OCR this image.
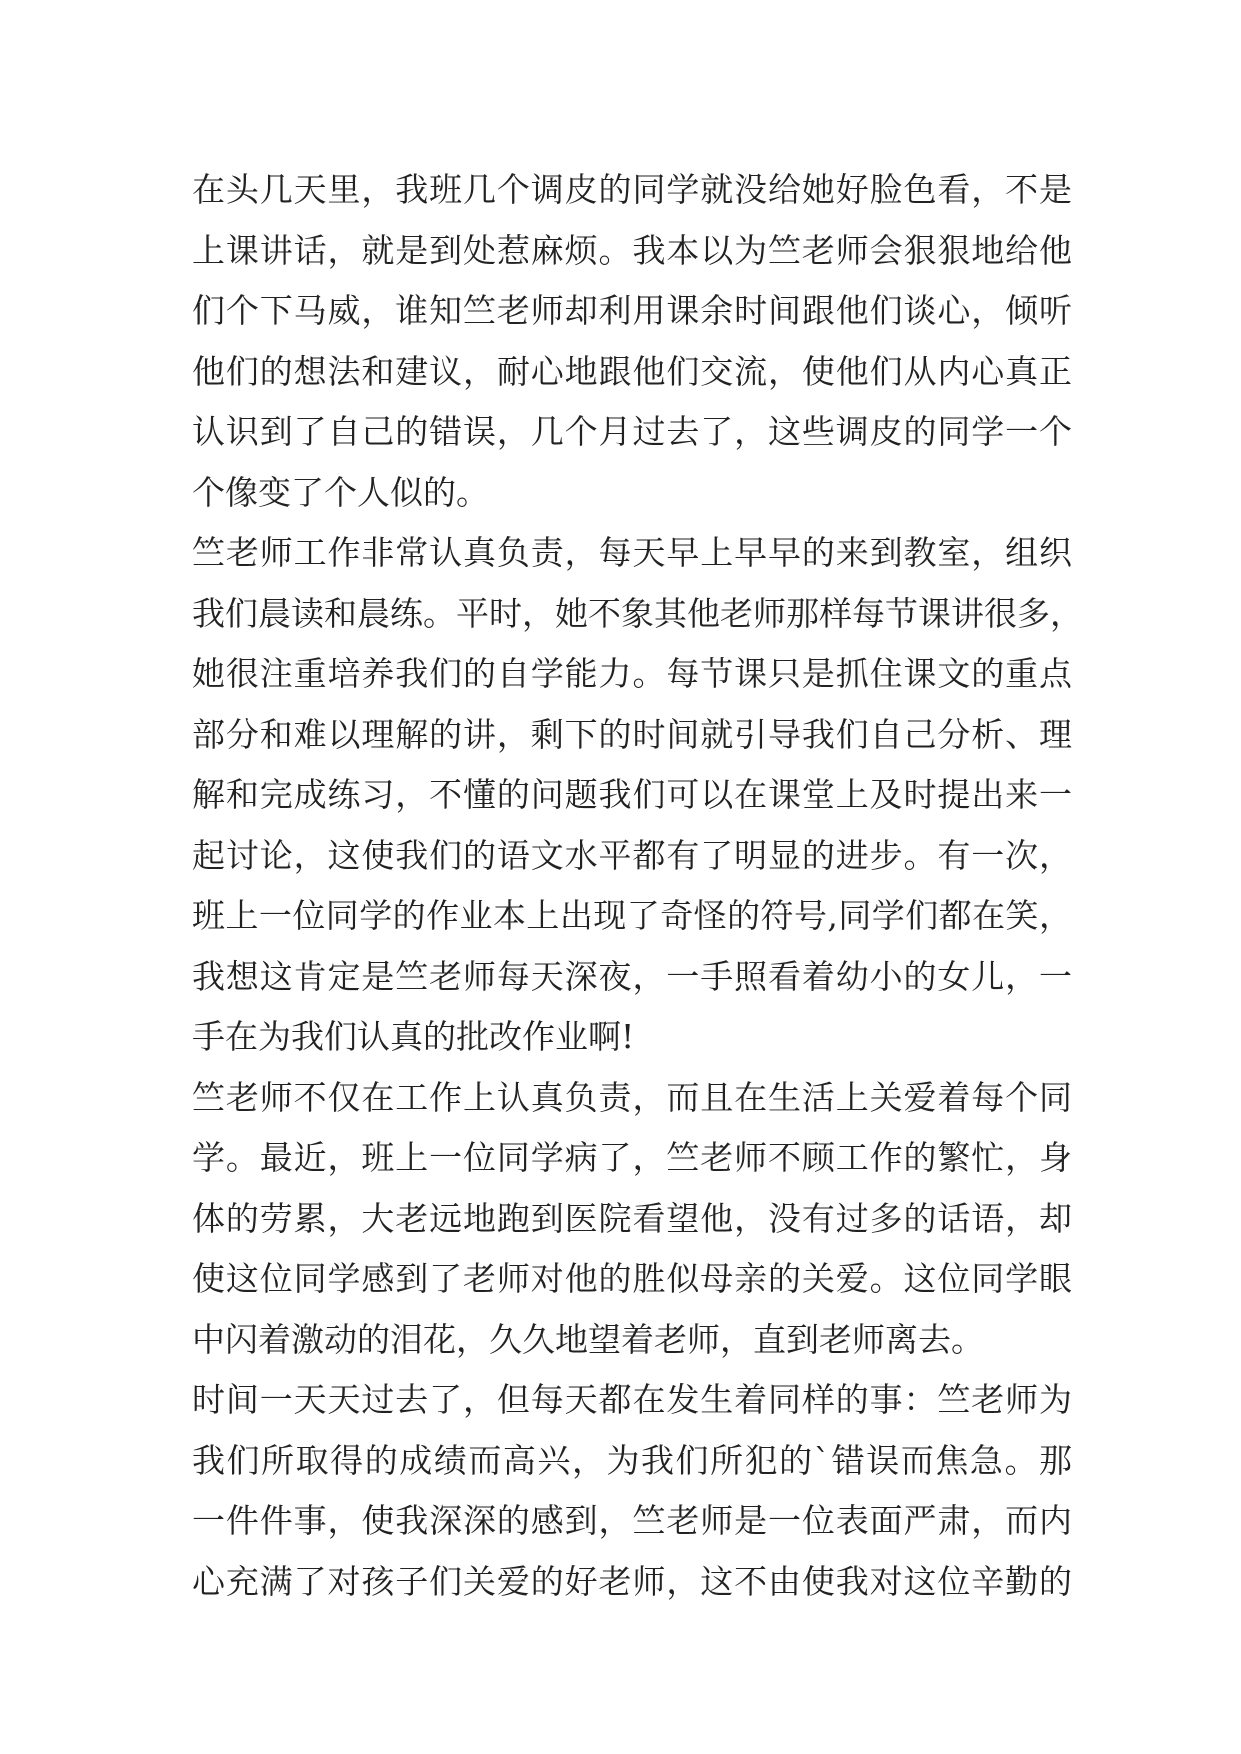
在头几天里，我班几个调皮的同学就没给她好脸色看，不是
上课讲话，就是到处惹麻烦。我本以为竺老师会狠狠地给他
们个下马威，谁知竺老师却利用课余时间跟他们谈心，倾听
他们的想法和建议，耐心地跟他们交流，使他们从内心真正
认识到了自己的错误，几个月过去了，这些调皮的同学一个
个像变了个人似的。
竺老师工作非常认真负责，每天早上早早的来到教室，组织
我们晨读和晨练。平时，她不象其他老师那样每节课讲很多，
她很注重培养我们的自学能力。每节课只是抓住课文的重点
部分和难以理解的讲，剩下的时间就引导我们自己分析、理
解和完成练习，不懂的问题我们可以在课堂上及时提出来一
起讨论，这使我们的语文水平都有了明显的进步。有一次，
班上一位同学的作业本上出现了奇怪的符号,同学们都在笑，
我想这肯定是竺老师每天深夜，一手照看着幼小的女儿，一
手在为我们认真的批改作业啊!
竺老师不仅在工作上认真负责，而且在生活上关爱着每个同
学。最近，班上一位同学病了，竺老师不顾工作的繁忙，身
体的劳累，大老远地跑到医院看望他，没有过多的话语，却
使这位同学感到了老师对他的胜似母亲的关爱。这位同学眼
中闪着激动的泪花，久久地望着老师，直到老师离去。
时间一天天过去了，但每天都在发生着同样的事：竺老师为
我们所取得的成绩而高兴，为我们所犯的`错误而焦急。那
一件件事，使我深深的感到，竺老师是一位表面严肃，而内
心充满了对孩子们关爱的好老师，这不由使我对这位辛勤的
